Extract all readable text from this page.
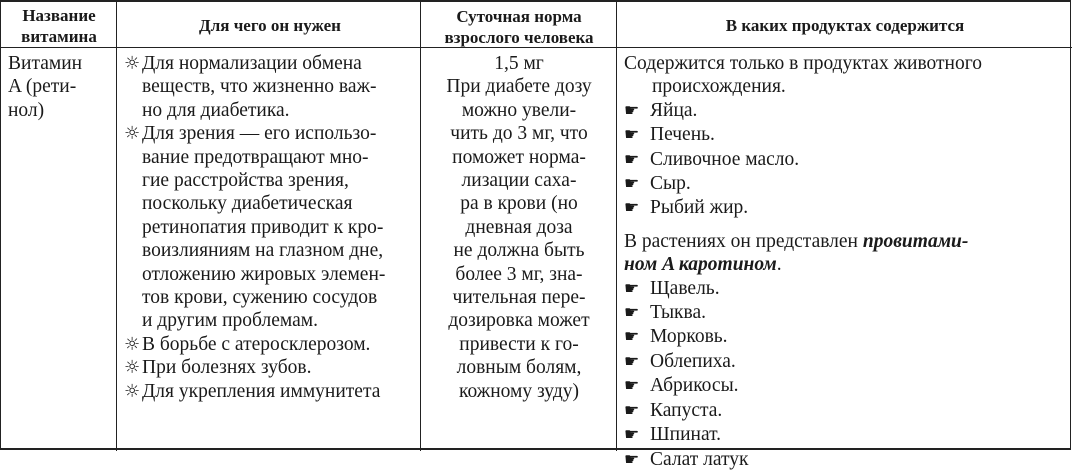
Название
витамина
Для чего он нужен	Суточная норма
взрослого человека
В каких продуктах содержится
Витамин
A (рети-
нол)
☼Для нормализации обмена
веществ, что жизненно важ-
но для диабетика.
☼Для зрения — его использо-
вание предотвращают мно-
гие расстройства зрения,
поскольку диабетическая
ретинопатия приводит к кро-
воизлияниям на глазном дне,
отложению жировых элемен-
тов крови, сужению сосудов
и другим проблемам.
☼В борьбе с атеросклерозом.
☼При болезнях зубов.
☼Для укрепления иммунитета
1,5 мг
При диабете дозу
можно увели-
чить до 3 мг, что
поможет норма-
лизации саха-
ра в крови (но
дневная доза
не должна быть
более 3 мг, зна-
чительная пере-
дозировка может
привести к го-
ловным болям,
кожному зуду)
Содержится только в продуктах животного
происхождения.
☛ Яйца.
☛ Печень.
☛ Сливочное масло.
☛ Сыр.
☛ Рыбий жир.
В растениях он представлен провитами-
ном A каротином.
☛ Щавель.
☛ Тыква.
☛ Морковь.
☛ Облепиха.
☛ Абрикосы.
☛ Капуста.
☛ Шпинат.
☛ Салат латук
